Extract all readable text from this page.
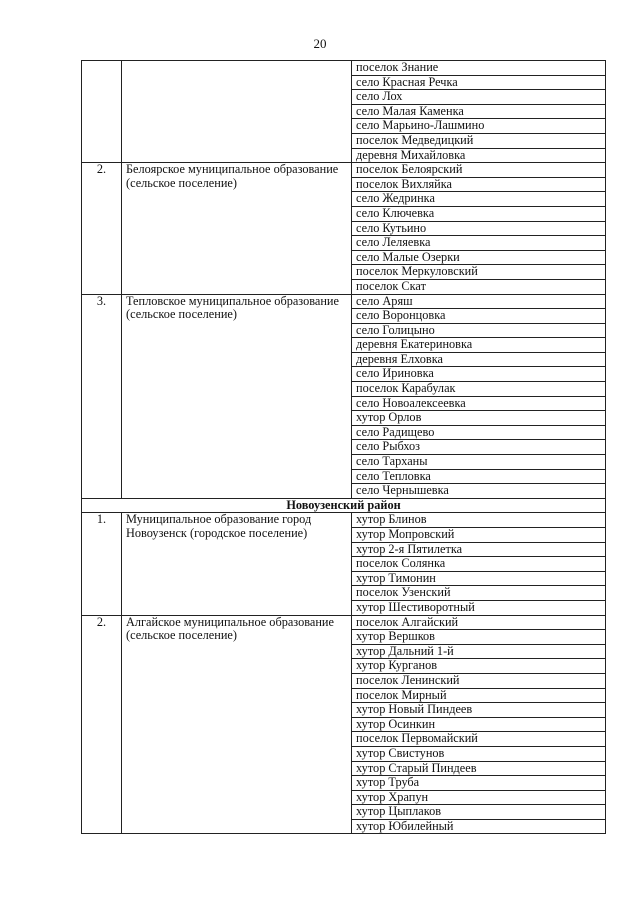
20
		поселок Знание
		село Красная Речка
		село Лох
		село Малая Каменка
		село Марьино-Лашмино
		поселок Медведицкий
		деревня Михайловка
2.	Белоярское муниципальное образование (сельское поселение)	поселок Белоярский
		поселок Вихляйка
		село Жедринка
		село Ключевка
		село Кутьино
		село Леляевка
		село Малые Озерки
		поселок Меркуловский
		поселок Скат
3.	Тепловское муниципальное образование (сельское поселение)	село Аряш
		село Воронцовка
		село Голицыно
		деревня Екатериновка
		деревня Елховка
		село Ириновка
		поселок Карабулак
		село Новоалексеевка
		хутор Орлов
		село Радищево
		село Рыбхоз
		село Тарханы
		село Тепловка
		село Чернышевка
Новоузенский район		
1.	Муниципальное образование город Новоузенск (городское поселение)	хутор Блинов
		хутор Мопровский
		хутор 2-я Пятилетка
		поселок Солянка
		хутор Тимонин
		поселок Узенский
		хутор Шестиворотный
2.	Алгайское муниципальное образование (сельское поселение)	поселок Алгайский
		хутор Вершков
		хутор Дальний 1-й
		хутор Курганов
		поселок Ленинский
		поселок Мирный
		хутор Новый Пиндеев
		хутор Осинкин
		поселок Первомайский
		хутор Свистунов
		хутор Старый Пиндеев
		хутор Труба
		хутор Храпун
		хутор Цыплаков
		хутор Юбилейный
